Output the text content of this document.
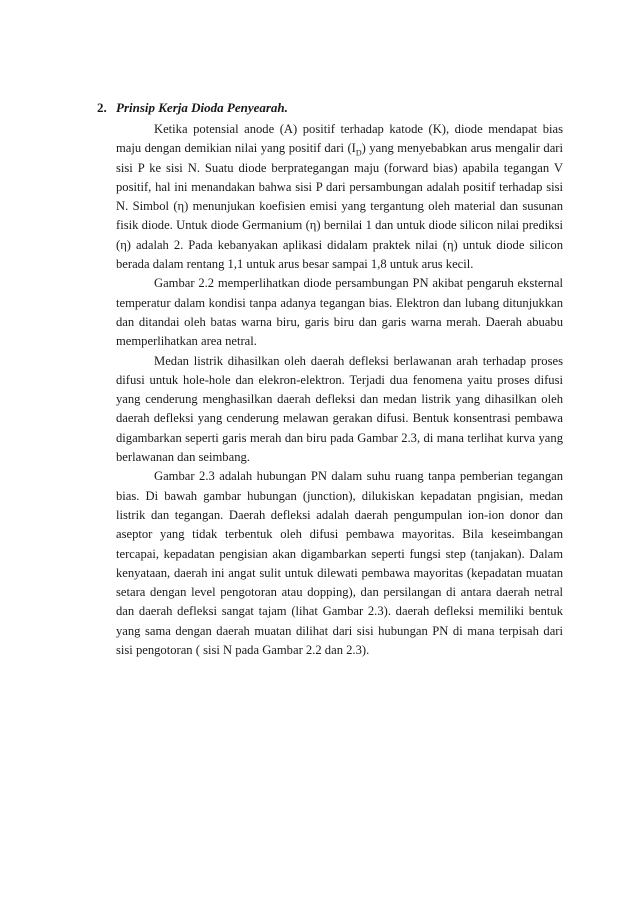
2. Prinsip Kerja Dioda Penyearah.

Ketika potensial anode (A) positif terhadap katode (K), diode mendapat bias maju dengan demikian nilai yang positif dari $(I_D)$ yang menyebabkan arus mengalir dari sisi P ke sisi N. Suatu diode berprategangan maju (forward bias) apabila tegangan V positif, hal ini menandakan bahwa sisi P dari persambungan adalah positif terhadap sisi N. Simbol (η) menunjukan koefisien emisi yang tergantung oleh material dan susunan fisik diode. Untuk diode Germanium (η) bernilai 1 dan untuk diode silicon nilai prediksi (η) adalah 2. Pada kebanyakan aplikasi didalam praktek nilai (η) untuk diode silicon berada dalam rentang 1,1 untuk arus besar sampai 1,8 untuk arus kecil.

Gambar 2.2 memperlihatkan diode persambungan PN akibat pengaruh eksternal temperatur dalam kondisi tanpa adanya tegangan bias. Elektron dan lubang ditunjukkan dan ditandai oleh batas warna biru, garis biru dan garis warna merah. Daerah abuabu memperlihatkan area netral.

Medan listrik dihasilkan oleh daerah defleksi berlawanan arah terhadap proses difusi untuk hole-hole dan elekron-elektron. Terjadi dua fenomena yaitu proses difusi yang cenderung menghasilkan daerah defleksi dan medan listrik yang dihasilkan oleh daerah defleksi yang cenderung melawan gerakan difusi. Bentuk konsentrasi pembawa digambarkan seperti garis merah dan biru pada Gambar 2.3, di mana terlihat kurva yang berlawanan dan seimbang.

Gambar 2.3 adalah hubungan PN dalam suhu ruang tanpa pemberian tegangan bias. Di bawah gambar hubungan (junction), dilukiskan kepadatan pngisian, medan listrik dan tegangan. Daerah defleksi adalah daerah pengumpulan ion-ion donor dan aseptor yang tidak terbentuk oleh difusi pembawa mayoritas. Bila keseimbangan tercapai, kepadatan pengisian akan digambarkan seperti fungsi step (tanjakan). Dalam kenyataan, daerah ini angat sulit untuk dilewati pembawa mayoritas (kepadatan muatan setara dengan level pengotoran atau dopping), dan persilangan di antara daerah netral dan daerah defleksi sangat tajam (lihat Gambar 2.3). daerah defleksi memiliki bentuk yang sama dengan daerah muatan dilihat dari sisi hubungan PN di mana terpisah dari sisi pengotoran ( sisi N pada Gambar 2.2 dan 2.3).
